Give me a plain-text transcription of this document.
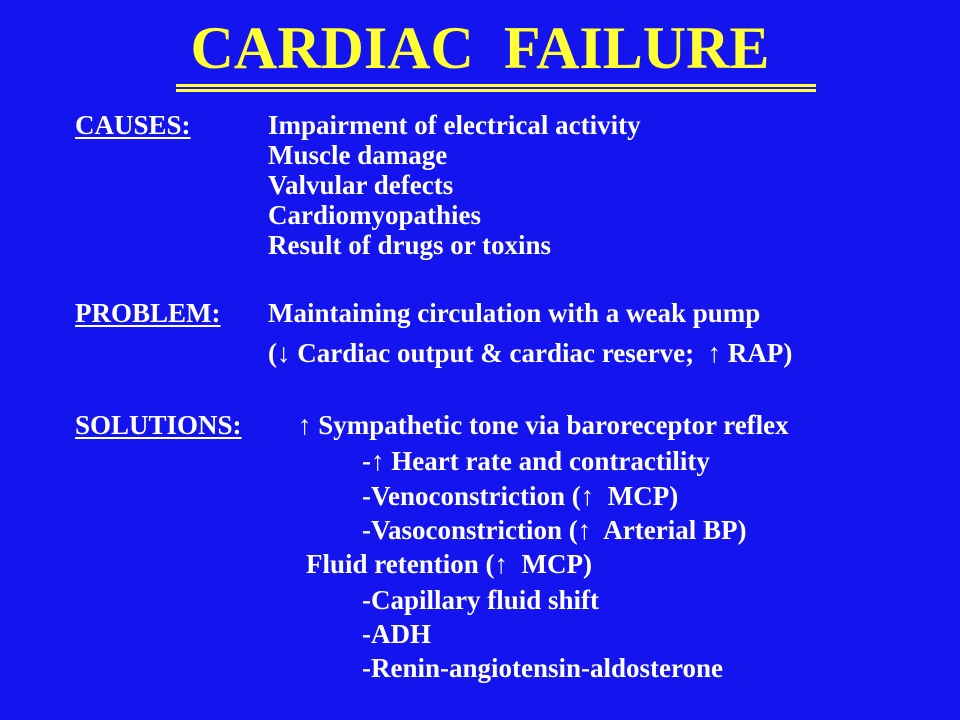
CARDIAC  FAILURE
CAUSES:	Impairment of electrical activity
Muscle damage
Valvular defects
Cardiomyopathies
Result of drugs or toxins
PROBLEM: Maintaining circulation with a weak pump
(↓ Cardiac output & cardiac reserve;  ↑ RAP)
SOLUTIONS: ↑ Sympathetic tone via baroreceptor reflex
-↑ Heart rate and contractility
-Venoconstriction (↑  MCP)
-Vasoconstriction (↑  Arterial BP)
Fluid retention (↑  MCP)
-Capillary fluid shift
-ADH
-Renin-angiotensin-aldosterone
